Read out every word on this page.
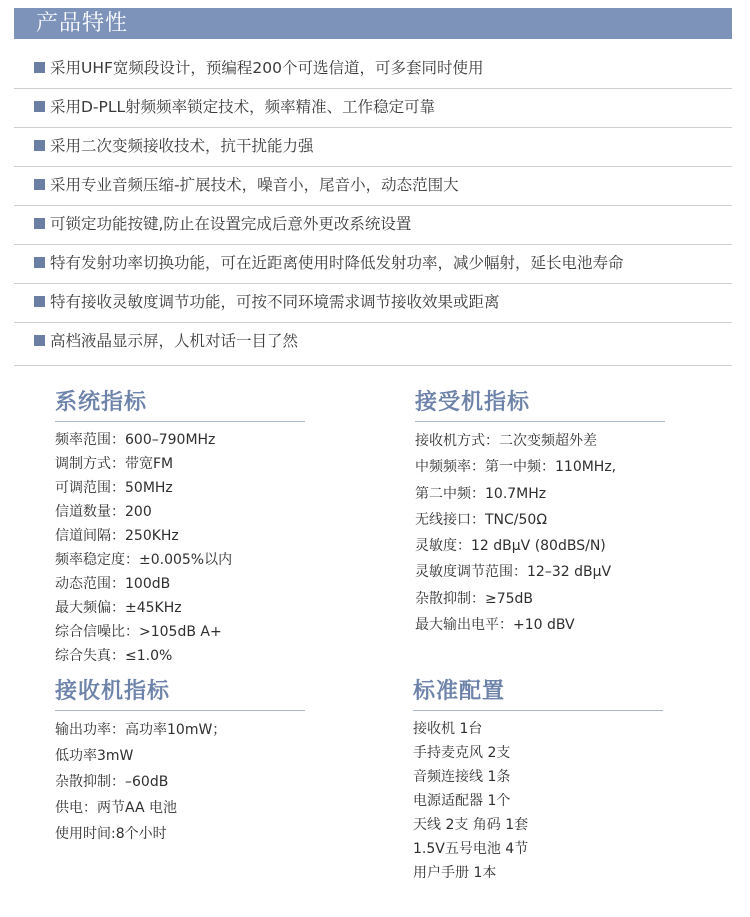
产品特性
采用UHF宽频段设计，预编程200个可选信道，可多套同时使用
采用D-PLL射频频率锁定技术，频率精准、工作稳定可靠
采用二次变频接收技术，抗干扰能力强
采用专业音频压缩-扩展技术，噪音小，尾音小，动态范围大
可锁定功能按键,防止在设置完成后意外更改系统设置
特有发射功率切换功能，可在近距离使用时降低发射功率，减少幅射，延长电池寿命
特有接收灵敏度调节功能，可按不同环境需求调节接收效果或距离
高档液晶显示屏，人机对话一目了然
系统指标
频率范围：600–790MHz
调制方式：带宽FM
可调范围：50MHz
信道数量：200
信道间隔：250KHz
频率稳定度：±0.005%以内
动态范围：100dB
最大频偏：±45KHz
综合信噪比：>105dB A+
综合失真：≤1.0%
接受机指标
接收机方式：二次变频超外差
中频频率：第一中频：110MHz,
第二中频：10.7MHz
无线接口：TNC/50Ω
灵敏度：12 dBμV (80dBS/N)
灵敏度调节范围：12–32 dBμV
杂散抑制：≥75dB
最大输出电平：+10 dBV
接收机指标
输出功率：高功率10mW；
低功率3mW
杂散抑制：–60dB
供电：两节AA 电池
使用时间:8个小时
标准配置
接收机 1台
手持麦克风 2支
音频连接线 1条
电源适配器 1个
天线 2支 角码 1套
1.5V五号电池 4节
用户手册 1本
